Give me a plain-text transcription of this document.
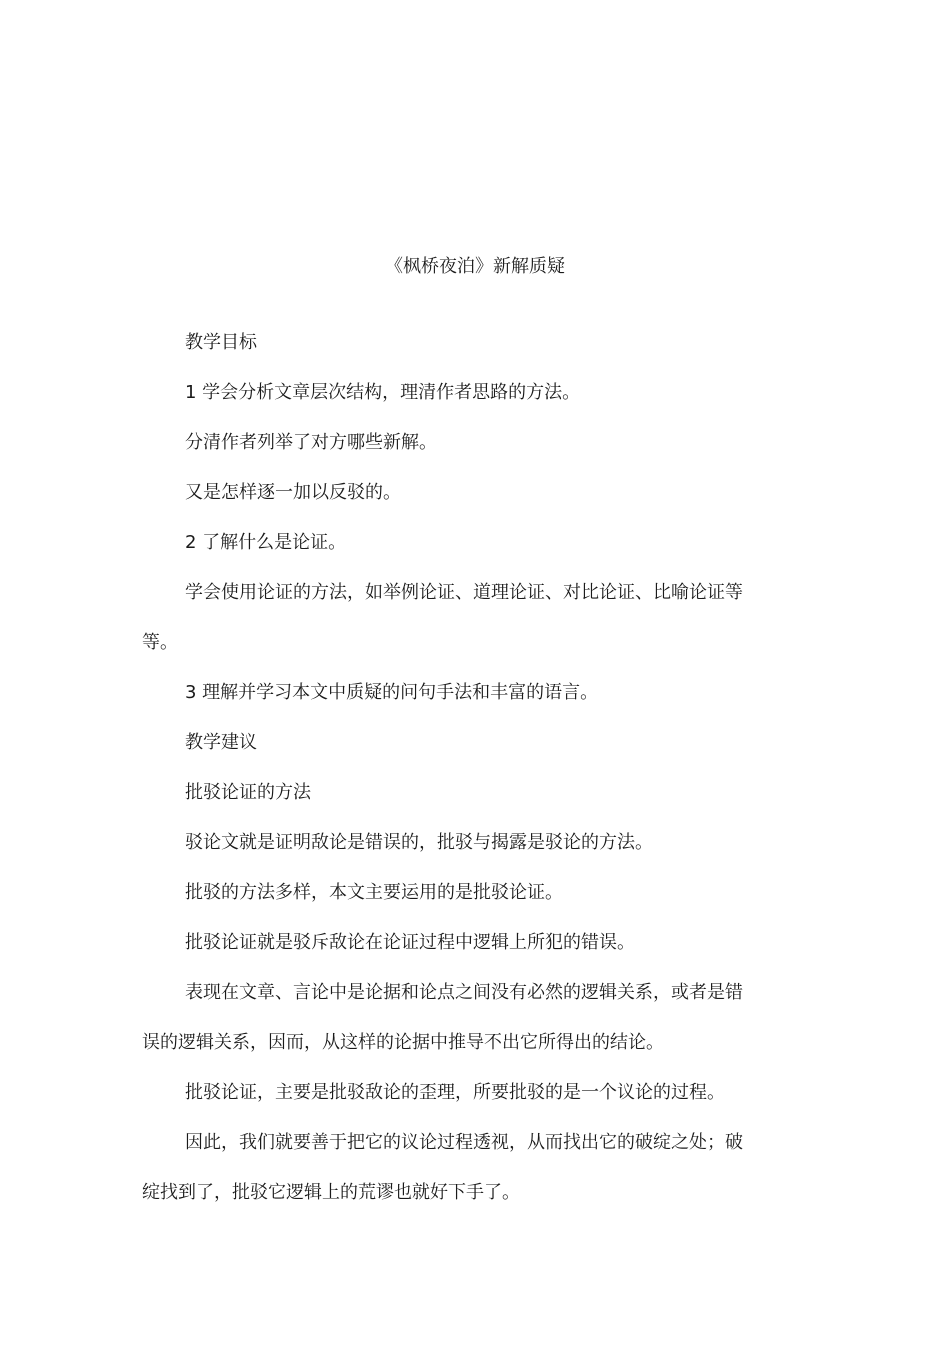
《枫桥夜泊》新解质疑

教学目标

1 学会分析文章层次结构，理清作者思路的方法。

分清作者列举了对方哪些新解。

又是怎样逐一加以反驳的。

2 了解什么是论证。

学会使用论证的方法，如举例论证、道理论证、对比论证、比喻论证等等。

3 理解并学习本文中质疑的问句手法和丰富的语言。

教学建议

批驳论证的方法

驳论文就是证明敌论是错误的，批驳与揭露是驳论的方法。

批驳的方法多样，本文主要运用的是批驳论证。

批驳论证就是驳斥敌论在论证过程中逻辑上所犯的错误。

表现在文章、言论中是论据和论点之间没有必然的逻辑关系，或者是错误的逻辑关系，因而，从这样的论据中推导不出它所得出的结论。

批驳论证，主要是批驳敌论的歪理，所要批驳的是一个议论的过程。

因此，我们就要善于把它的议论过程透视，从而找出它的破绽之处；破绽找到了，批驳它逻辑上的荒谬也就好下手了。
